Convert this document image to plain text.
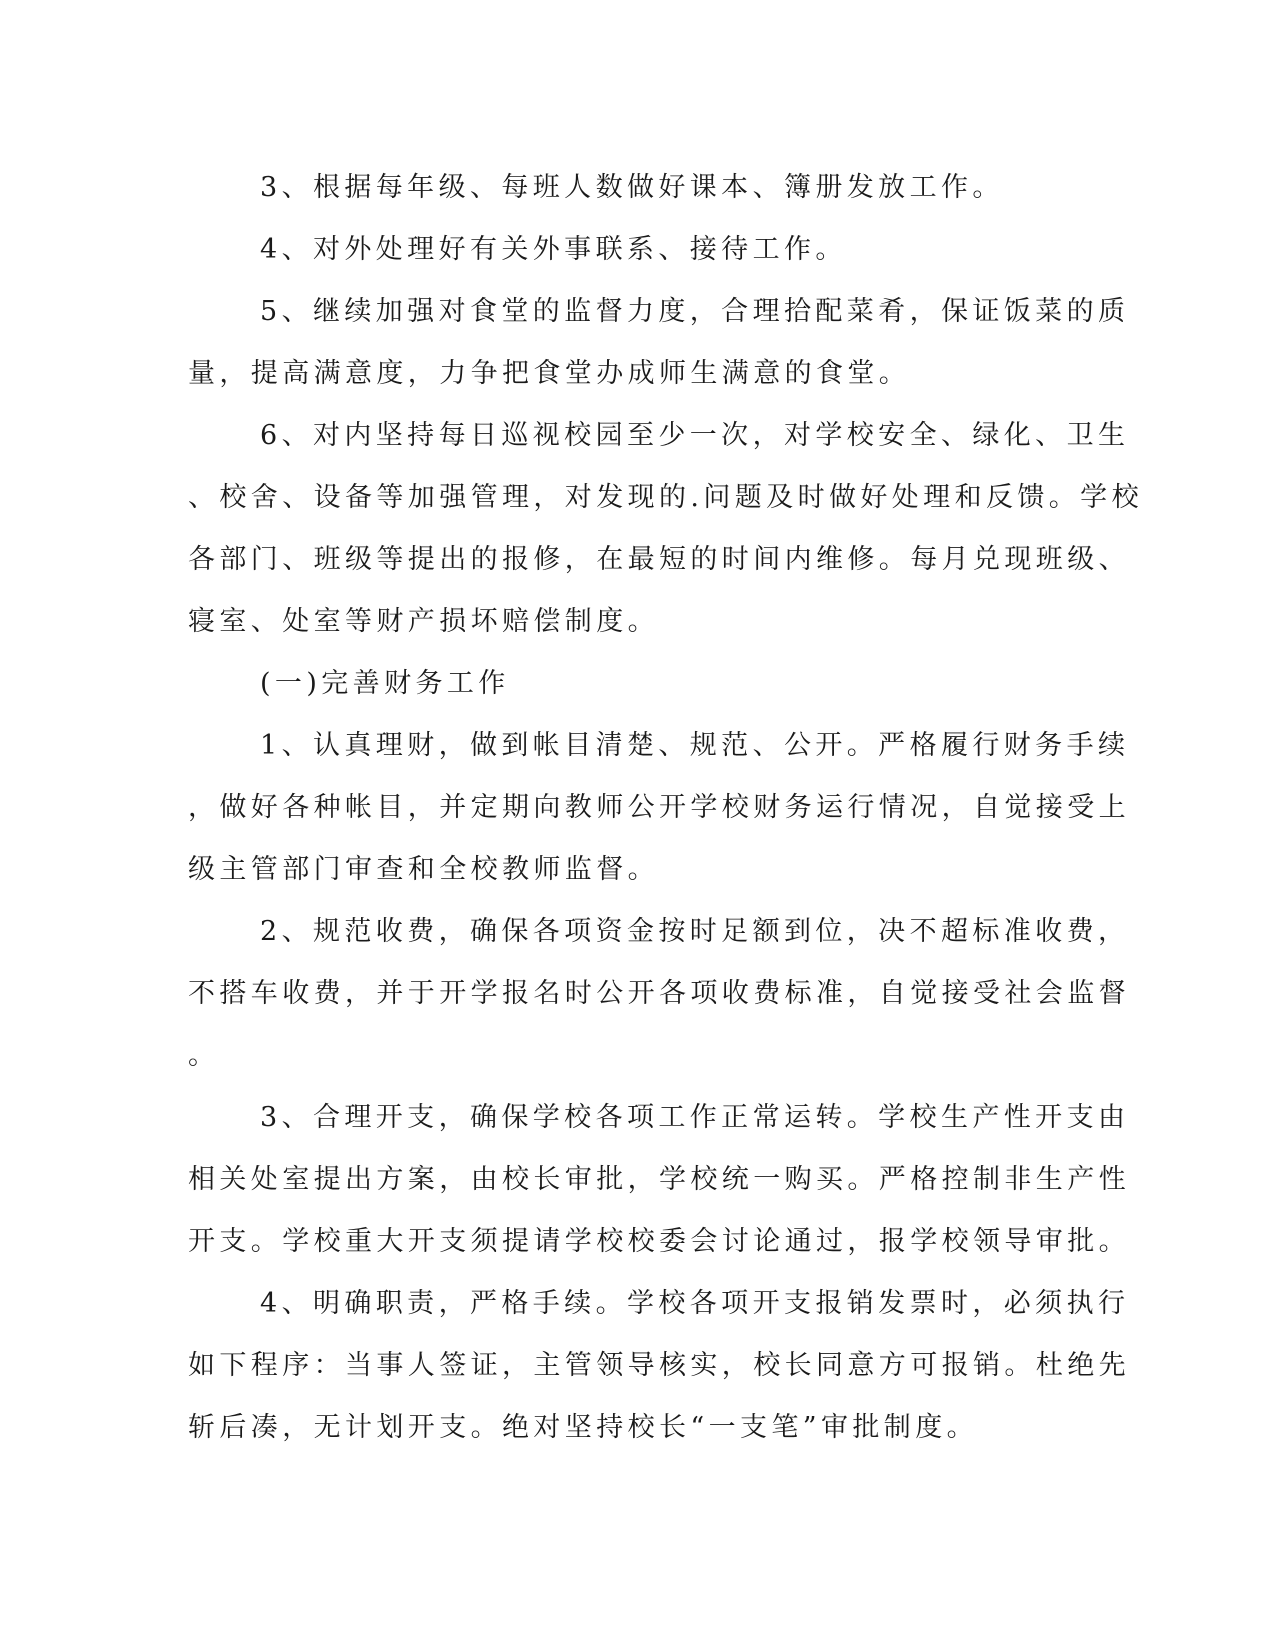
3、根据每年级、每班人数做好课本、簿册发放工作。
4、对外处理好有关外事联系、接待工作。
5、继续加强对食堂的监督力度，合理拾配菜肴，保证饭菜的质
量，提高满意度，力争把食堂办成师生满意的食堂。
6、对内坚持每日巡视校园至少一次，对学校安全、绿化、卫生
、校舍、设备等加强管理，对发现的.问题及时做好处理和反馈。学校
各部门、班级等提出的报修，在最短的时间内维修。每月兑现班级、
寝室、处室等财产损坏赔偿制度。
(一)完善财务工作
1、认真理财，做到帐目清楚、规范、公开。严格履行财务手续
，做好各种帐目，并定期向教师公开学校财务运行情况，自觉接受上
级主管部门审查和全校教师监督。
2、规范收费，确保各项资金按时足额到位，决不超标准收费，
不搭车收费，并于开学报名时公开各项收费标准，自觉接受社会监督
。
3、合理开支，确保学校各项工作正常运转。学校生产性开支由
相关处室提出方案，由校长审批，学校统一购买。严格控制非生产性
开支。学校重大开支须提请学校校委会讨论通过，报学校领导审批。
4、明确职责，严格手续。学校各项开支报销发票时，必须执行
如下程序：当事人签证，主管领导核实，校长同意方可报销。杜绝先
斩后凑，无计划开支。绝对坚持校长“一支笔”审批制度。
